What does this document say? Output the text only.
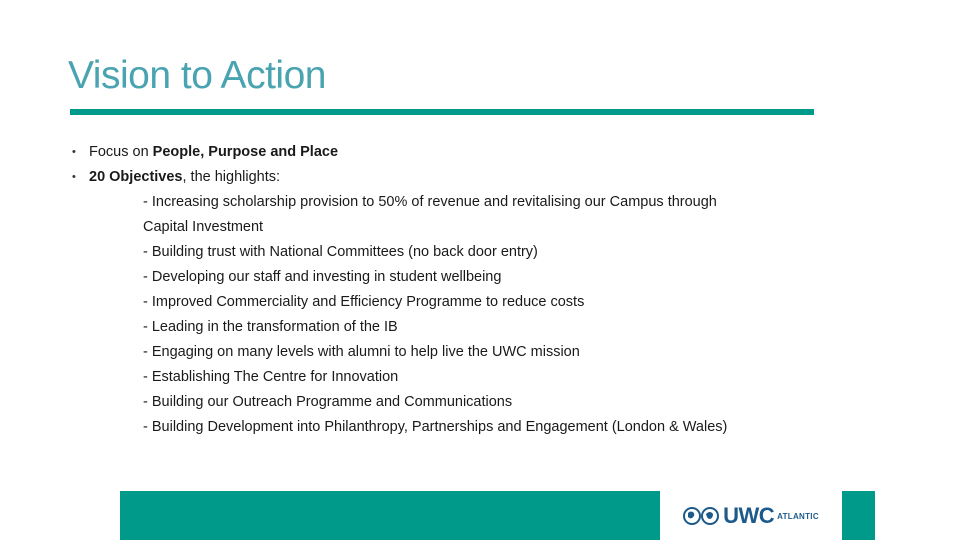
Vision to Action
• Focus on People, Purpose and Place
• 20 Objectives, the highlights:
- Increasing scholarship provision to 50% of revenue and revitalising our Campus through Capital Investment
- Building trust with National Committees (no back door entry)
- Developing our staff and investing in student wellbeing
- Improved Commerciality and Efficiency Programme to reduce costs
- Leading in the transformation of the IB
- Engaging on many levels with alumni to help live the UWC mission
- Establishing The Centre for Innovation
- Building our Outreach Programme and Communications
- Building Development into Philanthropy, Partnerships and Engagement (London & Wales)
UWC ATLANTIC
